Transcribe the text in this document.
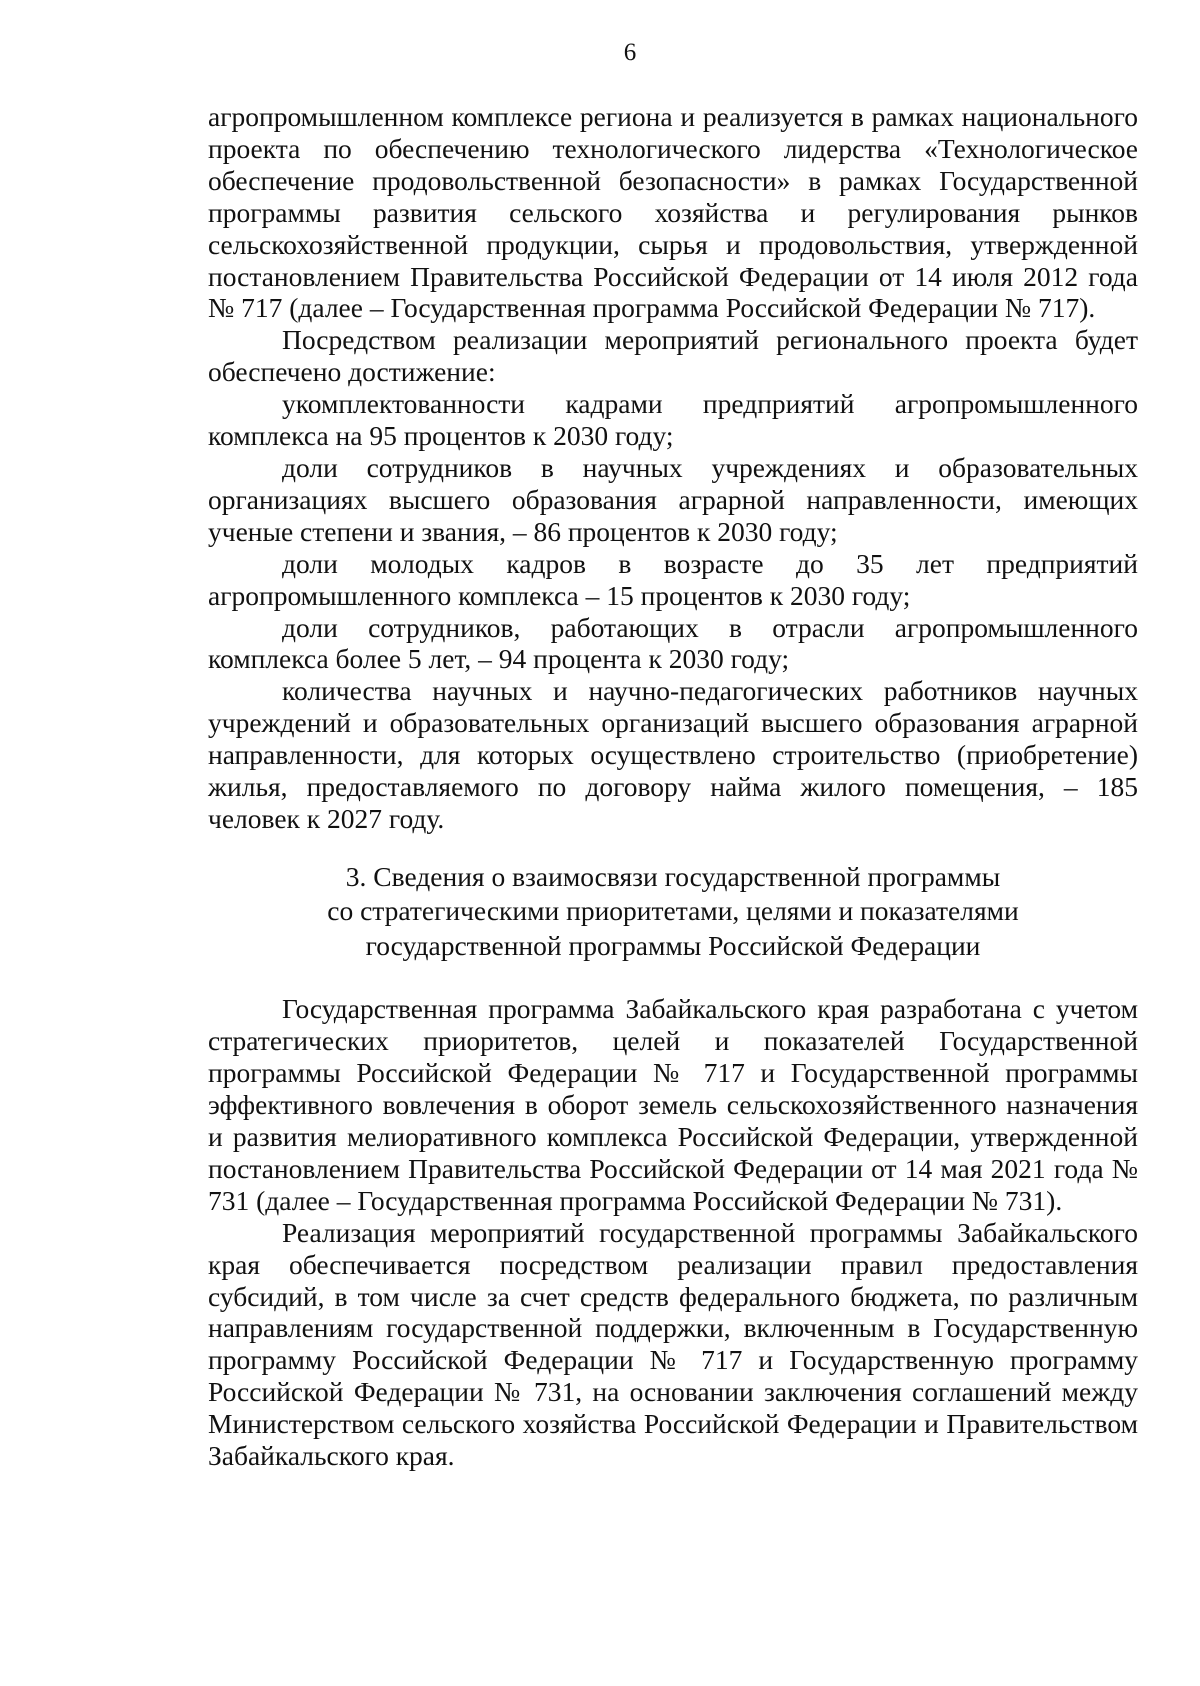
6

агропромышленном комплексе региона и реализуется в рамках национального проекта по обеспечению технологического лидерства «Технологическое обеспечение продовольственной безопасности» в рамках Государственной программы развития сельского хозяйства и регулирования рынков сельскохозяйственной продукции, сырья и продовольствия, утвержденной постановлением Правительства Российской Федерации от 14 июля 2012 года № 717 (далее – Государственная программа Российской Федерации № 717).

Посредством реализации мероприятий регионального проекта будет обеспечено достижение:

укомплектованности кадрами предприятий агропромышленного комплекса на 95 процентов к 2030 году;

доли сотрудников в научных учреждениях и образовательных организациях высшего образования аграрной направленности, имеющих ученые степени и звания, – 86 процентов к 2030 году;

доли молодых кадров в возрасте до 35 лет предприятий агропромышленного комплекса – 15 процентов к 2030 году;

доли сотрудников, работающих в отрасли агропромышленного комплекса более 5 лет, – 94 процента к 2030 году;

количества научных и научно-педагогических работников научных учреждений и образовательных организаций высшего образования аграрной направленности, для которых осуществлено строительство (приобретение) жилья, предоставляемого по договору найма жилого помещения, – 185 человек к 2027 году.

3. Сведения о взаимосвязи государственной программы
со стратегическими приоритетами, целями и показателями
государственной программы Российской Федерации

Государственная программа Забайкальского края разработана с учетом стратегических приоритетов, целей и показателей Государственной программы Российской Федерации № 717 и Государственной программы эффективного вовлечения в оборот земель сельскохозяйственного назначения и развития мелиоративного комплекса Российской Федерации, утвержденной постановлением Правительства Российской Федерации от 14 мая 2021 года № 731 (далее – Государственная программа Российской Федерации № 731).

Реализация мероприятий государственной программы Забайкальского края обеспечивается посредством реализации правил предоставления субсидий, в том числе за счет средств федерального бюджета, по различным направлениям государственной поддержки, включенным в Государственную программу Российской Федерации № 717 и Государственную программу Российской Федерации № 731, на основании заключения соглашений между Министерством сельского хозяйства Российской Федерации и Правительством Забайкальского края.
